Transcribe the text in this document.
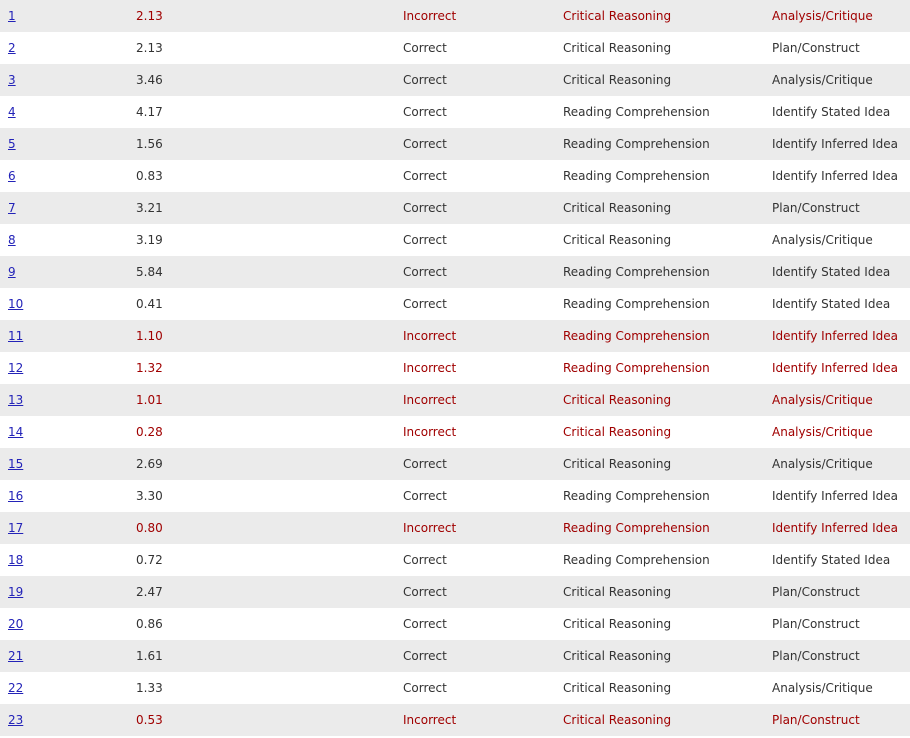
1	2.13	Incorrect	Critical Reasoning	Analysis/Critique
2	2.13	Correct	Critical Reasoning	Plan/Construct
3	3.46	Correct	Critical Reasoning	Analysis/Critique
4	4.17	Correct	Reading Comprehension	Identify Stated Idea
5	1.56	Correct	Reading Comprehension	Identify Inferred Idea
6	0.83	Correct	Reading Comprehension	Identify Inferred Idea
7	3.21	Correct	Critical Reasoning	Plan/Construct
8	3.19	Correct	Critical Reasoning	Analysis/Critique
9	5.84	Correct	Reading Comprehension	Identify Stated Idea
10	0.41	Correct	Reading Comprehension	Identify Stated Idea
11	1.10	Incorrect	Reading Comprehension	Identify Inferred Idea
12	1.32	Incorrect	Reading Comprehension	Identify Inferred Idea
13	1.01	Incorrect	Critical Reasoning	Analysis/Critique
14	0.28	Incorrect	Critical Reasoning	Analysis/Critique
15	2.69	Correct	Critical Reasoning	Analysis/Critique
16	3.30	Correct	Reading Comprehension	Identify Inferred Idea
17	0.80	Incorrect	Reading Comprehension	Identify Inferred Idea
18	0.72	Correct	Reading Comprehension	Identify Stated Idea
19	2.47	Correct	Critical Reasoning	Plan/Construct
20	0.86	Correct	Critical Reasoning	Plan/Construct
21	1.61	Correct	Critical Reasoning	Plan/Construct
22	1.33	Correct	Critical Reasoning	Analysis/Critique
23	0.53	Incorrect	Critical Reasoning	Plan/Construct
